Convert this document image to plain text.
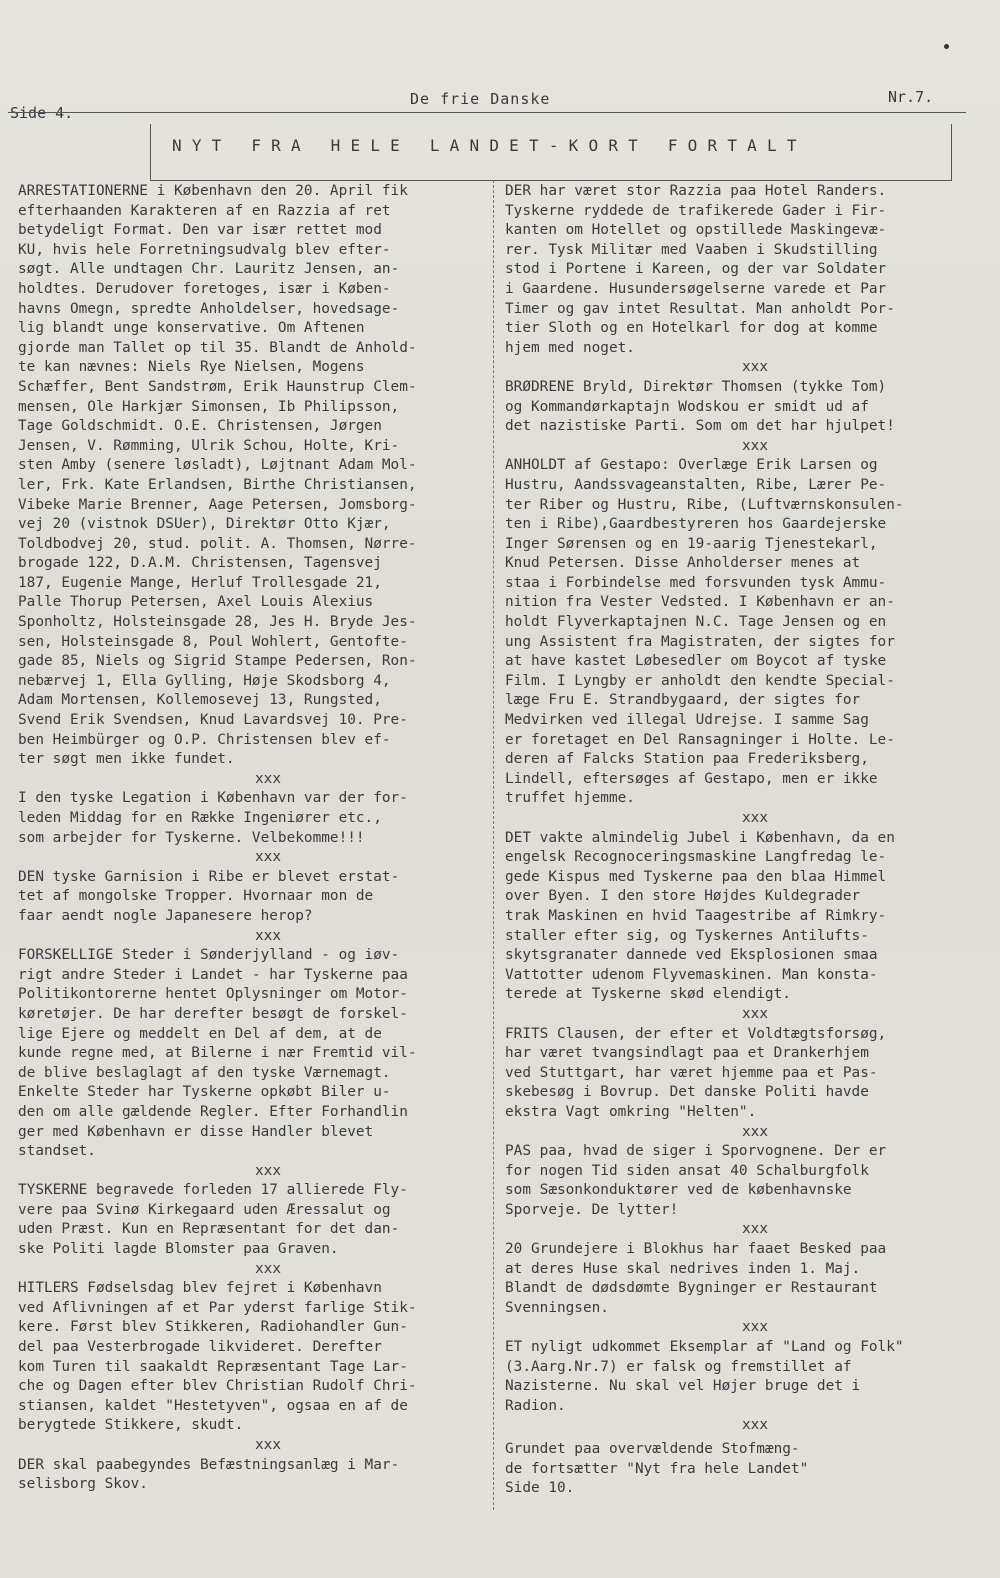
Side 4.
De frie Danske	Nr.7.
NYT FRA HELE LANDET-KORT FORTALT

ARRESTATIONERNE i København den 20. April fik
efterhaanden Karakteren af en Razzia af ret
betydeligt Format. Den var især rettet mod
KU, hvis hele Forretningsudvalg blev efter-
søgt. Alle undtagen Chr. Lauritz Jensen, an-
holdtes. Derudover foretoges, især i Køben-
havns Omegn, spredte Anholdelser, hovedsage-
lig blandt unge konservative. Om Aftenen
gjorde man Tallet op til 35. Blandt de Anhold-
te kan nævnes: Niels Rye Nielsen, Mogens
Schæffer, Bent Sandstrøm, Erik Haunstrup Clem-
mensen, Ole Harkjær Simonsen, Ib Philipsson,
Tage Goldschmidt. O.E. Christensen, Jørgen
Jensen, V. Rømming, Ulrik Schou, Holte, Kri-
sten Amby (senere løsladt), Løjtnant Adam Mol-
ler, Frk. Kate Erlandsen, Birthe Christiansen,
Vibeke Marie Brenner, Aage Petersen, Jomsborg-
vej 20 (vistnok DSUer), Direktør Otto Kjær,
Toldbodvej 20, stud. polit. A. Thomsen, Nørre-
brogade 122, D.A.M. Christensen, Tagensvej
187, Eugenie Mange, Herluf Trollesgade 21,
Palle Thorup Petersen, Axel Louis Alexius
Sponholtz, Holsteinsgade 28, Jes H. Bryde Jes-
sen, Holsteinsgade 8, Poul Wohlert, Gentofte-
gade 85, Niels og Sigrid Stampe Pedersen, Ron-
nebærvej 1, Ella Gylling, Høje Skodsborg 4,
Adam Mortensen, Kollemosevej 13, Rungsted,
Svend Erik Svendsen, Knud Lavardsvej 10. Pre-
ben Heimbürger og O.P. Christensen blev ef-
ter søgt men ikke fundet.

xxx

I den tyske Legation i København var der for-
leden Middag for en Række Ingeniører etc.,
som arbejder for Tyskerne. Velbekomme!!!

xxx

DEN tyske Garnision i Ribe er blevet erstat-
tet af mongolske Tropper. Hvornaar mon de
faar aendt nogle Japanesere herop?

xxx

FORSKELLIGE Steder i Sønderjylland - og iøv-
rigt andre Steder i Landet - har Tyskerne paa
Politikontorerne hentet Oplysninger om Motor-
køretøjer. De har derefter besøgt de forskel-
lige Ejere og meddelt en Del af dem, at de
kunde regne med, at Bilerne i nær Fremtid vil-
de blive beslaglagt af den tyske Værnemagt.
Enkelte Steder har Tyskerne opkøbt Biler u-
den om alle gældende Regler. Efter Forhandlin
ger med København er disse Handler blevet
standset.

xxx

TYSKERNE begravede forleden 17 allierede Fly-
vere paa Svinø Kirkegaard uden Æressalut og
uden Præst. Kun en Repræsentant for det dan-
ske Politi lagde Blomster paa Graven.

xxx

HITLERS Fødselsdag blev fejret i København
ved Aflivningen af et Par yderst farlige Stik-
kere. Først blev Stikkeren, Radiohandler Gun-
del paa Vesterbrogade likvideret. Derefter
kom Turen til saakaldt Repræsentant Tage Lar-
che og Dagen efter blev Christian Rudolf Chri-
stiansen, kaldet "Hestetyven", ogsaa en af de
berygtede Stikkere, skudt.

xxx

DER skal paabegyndes Befæstningsanlæg i Mar-
selisborg Skov.

DER har været stor Razzia paa Hotel Randers.
Tyskerne ryddede de trafikerede Gader i Fir-
kanten om Hotellet og opstillede Maskingevæ-
rer. Tysk Militær med Vaaben i Skudstilling
stod i Portene i Kareen, og der var Soldater
i Gaardene. Husundersøgelserne varede et Par
Timer og gav intet Resultat. Man anholdt Por-
tier Sloth og en Hotelkarl for dog at komme
hjem med noget.

xxx

BRØDRENE Bryld, Direktør Thomsen (tykke Tom)
og Kommandørkaptajn Wodskou er smidt ud af
det nazistiske Parti. Som om det har hjulpet!

xxx

ANHOLDT af Gestapo: Overlæge Erik Larsen og
Hustru, Aandssvageanstalten, Ribe, Lærer Pe-
ter Riber og Hustru, Ribe, (Luftværnskonsulen-
ten i Ribe),Gaardbestyreren hos Gaardejerske
Inger Sørensen og en 19-aarig Tjenestekarl,
Knud Petersen. Disse Anholderser menes at
staa i Forbindelse med forsvunden tysk Ammu-
nition fra Vester Vedsted. I København er an-
holdt Flyverkaptajnen N.C. Tage Jensen og en
ung Assistent fra Magistraten, der sigtes for
at have kastet Løbesedler om Boycot af tyske
Film. I Lyngby er anholdt den kendte Special-
læge Fru E. Strandbygaard, der sigtes for
Medvirken ved illegal Udrejse. I samme Sag
er foretaget en Del Ransagninger i Holte. Le-
deren af Falcks Station paa Frederiksberg,
Lindell, eftersøges af Gestapo, men er ikke
truffet hjemme.

xxx

DET vakte almindelig Jubel i København, da en
engelsk Recognoceringsmaskine Langfredag le-
gede Kispus med Tyskerne paa den blaa Himmel
over Byen. I den store Højdes Kuldegrader
trak Maskinen en hvid Taagestribe af Rimkry-
staller efter sig, og Tyskernes Antilufts-
skytsgranater dannede ved Eksplosionen smaa
Vattotter udenom Flyvemaskinen. Man konsta-
terede at Tyskerne skød elendigt.

xxx

FRITS Clausen, der efter et Voldtægtsforsøg,
har været tvangsindlagt paa et Drankerhjem
ved Stuttgart, har været hjemme paa et Pas-
skebesøg i Bovrup. Det danske Politi havde
ekstra Vagt omkring "Helten".

xxx

PAS paa, hvad de siger i Sporvognene. Der er
for nogen Tid siden ansat 40 Schalburgfolk
som Sæsonkonduktører ved de københavnske
Sporveje. De lytter!

xxx

20 Grundejere i Blokhus har faaet Besked paa
at deres Huse skal nedrives inden 1. Maj.
Blandt de dødsdømte Bygninger er Restaurant
Svenningsen.

xxx

ET nyligt udkommet Eksemplar af "Land og Folk"
(3.Aarg.Nr.7) er falsk og fremstillet af
Nazisterne. Nu skal vel Højer bruge det i
Radion.

xxx

Grundet paa overvældende Stofmæng-
de fortsætter "Nyt fra hele Landet"
Side 10.
